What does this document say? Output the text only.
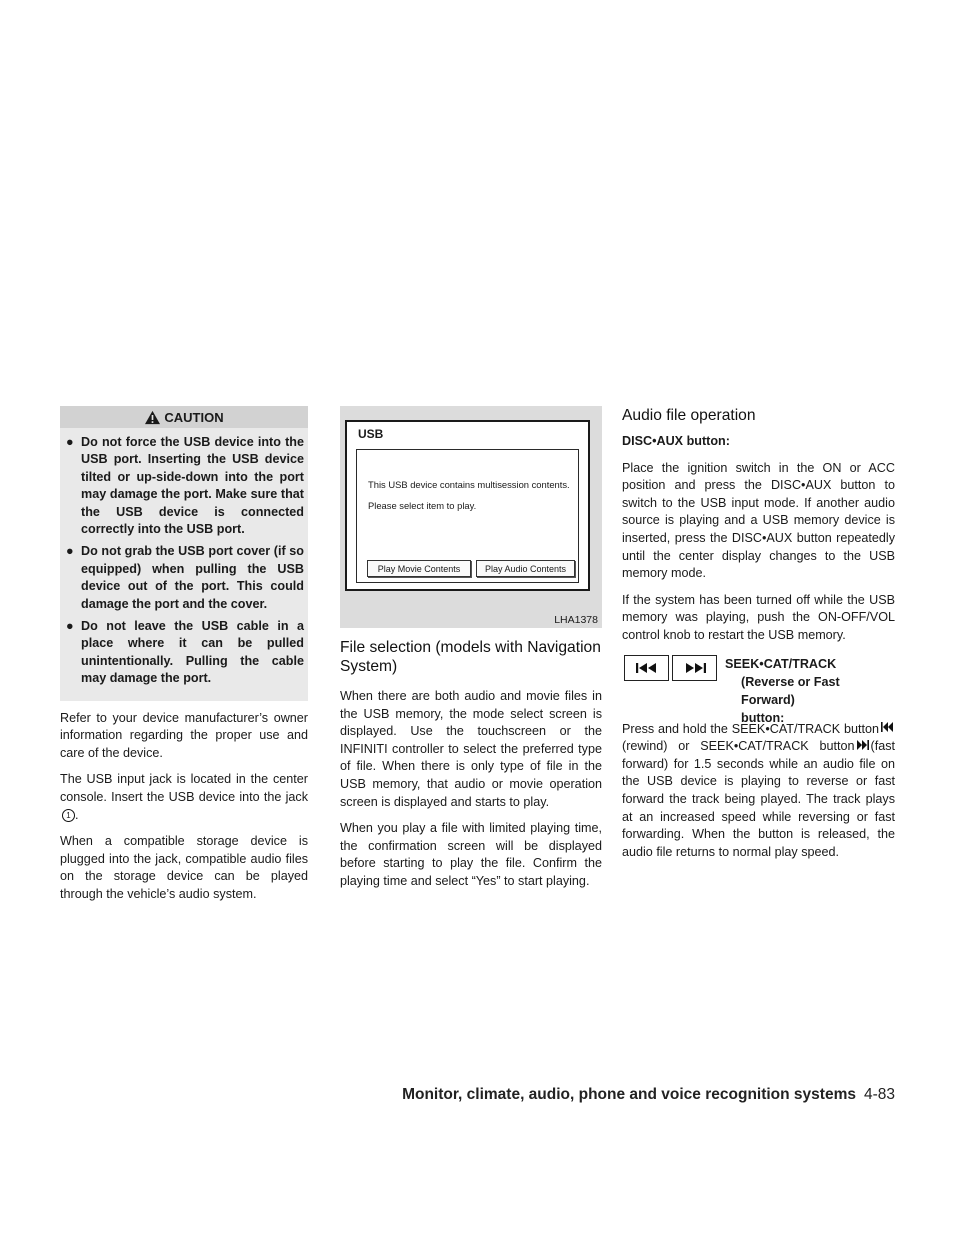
CAUTION
● Do not force the USB device into the USB port. Inserting the USB device tilted or up-side-down into the port may damage the port. Make sure that the USB device is connected correctly into the USB port.
● Do not grab the USB port cover (if so equipped) when pulling the USB device out of the port. This could damage the port and the cover.
● Do not leave the USB cable in a place where it can be pulled unintentionally. Pulling the cable may damage the port.

Refer to your device manufacturer’s owner information regarding the proper use and care of the device.

The USB input jack is located in the center console. Insert the USB device into the jack1 .

When a compatible storage device is plugged into the jack, compatible audio files on the storage device can be played through the vehicle’s audio system.

USB
This USB device contains multisession contents.
Please select item to play.
Play Movie Contents	Play Audio Contents
LHA1378
File selection (models with Navigation System)

When there are both audio and movie files in the USB memory, the mode select screen is displayed. Use the touchscreen or the INFINITI controller to select the preferred type of file. When there is only type of file in the USB memory, that audio or movie operation screen is displayed and starts to play.

When you play a file with limited playing time, the confirmation screen will be displayed before starting to play the file. Confirm the playing time and select “Yes” to start playing.

Audio file operation

DISC•AUX button:

Place the ignition switch in the ON or ACC position and press the DISC•AUX button to switch to the USB input mode. If another audio source is playing and a USB memory device is inserted, press the DISC•AUX button repeatedly until the center display changes to the USB memory mode.

If the system has been turned off while the USB memory was playing, push the ON-OFF/VOL control knob to restart the USB memory.

SEEK•CAT/TRACK
(Reverse or Fast Forward)
button:

Press and hold the SEEK•CAT/TRACK button(rewind) or SEEK•CAT/TRACK button (fast forward) for 1.5 seconds while an audio file on the USB device is playing to reverse or fast forward the track being played. The track plays at an increased speed while reversing or fast forwarding. When the button is released, the audio file returns to normal play speed.

Monitor, climate, audio, phone and voice recognition systems 4-83
